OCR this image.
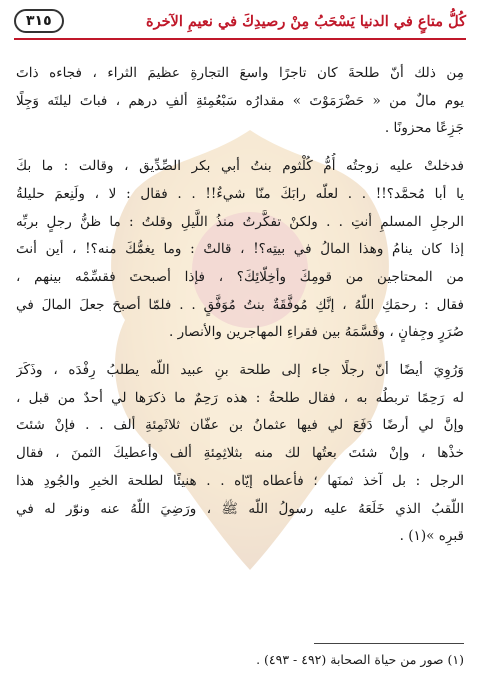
كُلُّ متاعٍ في الدنيا يَسْحَبُ مِنْ رصيدِكَ في نعيمِ الآخرة
٣١٥

مِن ذلك أنّ طلحةَ كان تاجرًا واسعَ التجارةِ عظيمَ الثراء ، فجاءه ذاتَ
يوم مالٌ من « حَضْرَمَوْتَ » مقدارُه سَبْعُمِئةِ ألفِ درهم ، فباتَ ليلتَه وَجِلًا
جَزِعًا محزونًا .

فدخلتْ عليه زوجتُه أُمُّ كُلْثوم بنتُ أبي بكر الصِّدِّيق ، وقالت : ما بكَ
يا أبا مُحمَّد؟!! . . لعلّه رابَكَ منّا شيءٌ!! . . فقال : لا ، ولَنِعمَ حليلةُ
الرجلِ المسلمِ أنتِ . . ولكنْ تفكَّرتُ منذُ اللَّيلِ وقلتُ : ما ظنُّ رجلٍ بربِّه
إذا كان ينامُ وهذا المالُ في بيتِه؟! ، قالتْ : وما يغمُّكَ منه؟! ، أين أنتَ
من المحتاجين من قومِكَ وأخِلّائِكَ؟ ، فإذا أصبحتَ فقسِّمْه بينهم ،
فقال : رحمَكِ اللّهُ ، إنَّكِ مُوفَّقَةٌ بنتُ مُوَفَّقٍ . . فلمّا أصبحَ جعلَ المالَ في
صُرَرٍ وجِفانٍ ، وقَسَّمَهُ بين فقراءِ المهاجرين والأنصار .

وَرُوِيَ أيضًا أنّ رجلًا جاء إلى طلحة بنِ عبيد اللّه يطلبُ رِفْدَه ، وذَكَرَ
له رَحِمًا تربطُه به ، فقال طلحةُ : هذه رَحِمٌ ما ذكرَها لي أحدٌ من قبل ،
وإنَّ لي أرضًا دَفَعَ لي فيها عثمانُ بن عفّان ثلاثَمِئةِ ألف . . فإنْ شئتَ
خذْها ، وإنْ شئتَ بعتُها لك منه بثلاثِمِئةِ ألف وأعطيكَ الثمنَ ، فقال
الرجل : بل آخذ ثمنَها ؛ فأعطاه إيّاه . . هنيئًا لطلحة الخيرِ والجُودِ هذا
اللّقبُ الذي خَلَعَهُ عليه رسولُ اللّه ﷺ ، ورَضِيَ اللّهُ عنه ونوّر له في
قبرِه »(١) .

(١) صور من حياة الصحابة (٤٩٢ - ٤٩٣) .
